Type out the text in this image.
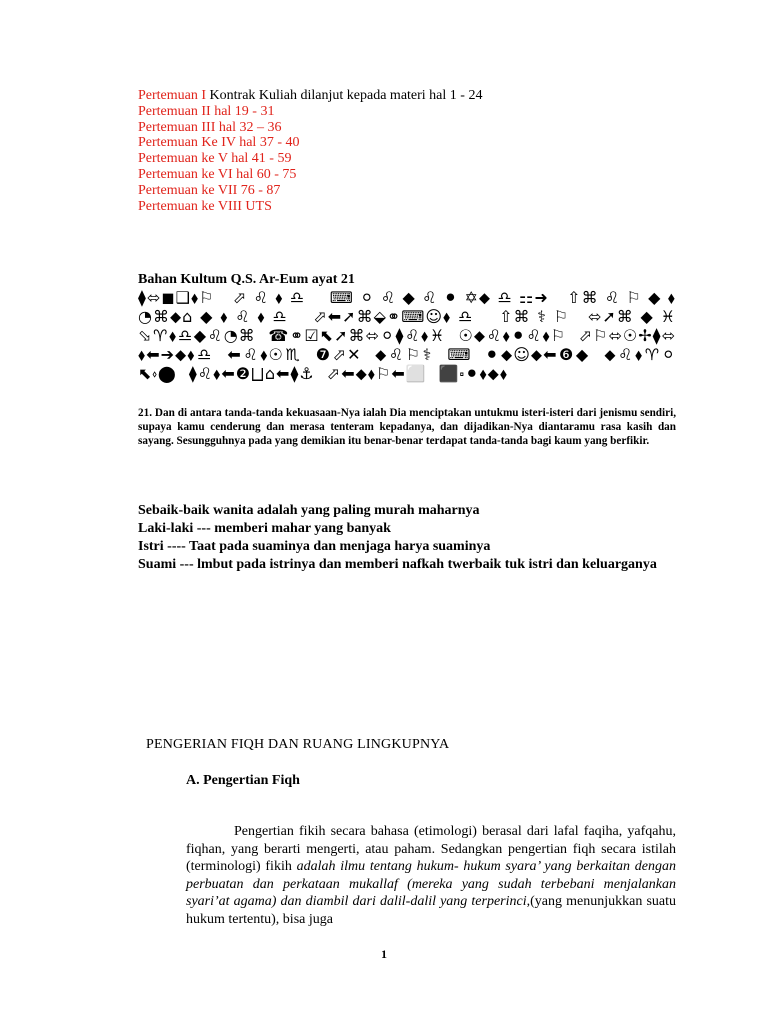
Pertemuan I Kontrak Kuliah dilanjut kepada materi hal 1 - 24
Pertemuan II hal 19 - 31
Pertemuan III hal 32 – 36
Pertemuan Ke IV hal 37 - 40
Pertemuan ke V hal 41 - 59
Pertemuan ke VI hal 60 - 75
Pertemuan ke VII 76 - 87
Pertemuan ke VIII UTS
Bahan Kultum Q.S. Ar-Eum ayat 21
⧫⬄◼❑⬧⚐ ⬀♌⬧♎ ⌨⚪♌◆♌⚫✡⬥♎⚏➜ ⇧⌘♌⚐◆⬧ ◔⌘⬥⌂◆⬧♌⬧♎ ⬀⬅➚⌘⬙⚭⌨☺⬧♎ ⇧⌘⚕⚐ ⬄➚⌘◆♓ ⬂♈⬧♎◆♌◔⌘ ☎⚭☑⬉➚⌘⬄⚪⧫♌⬧♓ ☉⬥♌⬧⚫♌⬧⚐ ⬀⚐⬄☉✢⧫⬄ ⬧⬅➔⬥⬧♎ ⬅♌⬧☉♏ ❼⬀✕ ⬥♌⚐⚕ ⌨ ⚫⬥☺⬥⬅❻◆ ⬥♌⬧♈⚪ ⬉⬫⬤ ⧫♌⬧⬅❷⨆⌂⬅⧫⚓ ⬀⬅⬥⬧⚐⬅⬜ ⬛⬞⚫⬧⬥⬧
21. Dan di antara tanda-tanda kekuasaan-Nya ialah Dia menciptakan untukmu isteri-isteri dari jenismu sendiri, supaya kamu cenderung dan merasa tenteram kepadanya, dan dijadikan-Nya diantaramu rasa kasih dan sayang. Sesungguhnya pada yang demikian itu benar-benar terdapat tanda-tanda bagi kaum yang berfikir.
Sebaik-baik wanita adalah yang paling murah maharnya
Laki-laki --- memberi mahar yang banyak
Istri ---- Taat pada suaminya dan menjaga harya suaminya
Suami --- lmbut pada istrinya dan memberi nafkah twerbaik tuk istri dan keluarganya
PENGERIAN FIQH DAN RUANG LINGKUPNYA
A. Pengertian Fiqh
Pengertian fikih secara bahasa (etimologi) berasal dari lafal faqiha, yafqahu, fiqhan, yang berarti mengerti, atau paham. Sedangkan pengertian fiqh secara istilah (terminologi) fikih adalah ilmu tentang hukum- hukum syara’ yang berkaitan dengan perbuatan dan perkataan mukallaf (mereka yang sudah terbebani menjalankan syari’at agama) dan diambil dari dalil-dalil yang terperinci,(yang menunjukkan suatu hukum tertentu), bisa juga
1
